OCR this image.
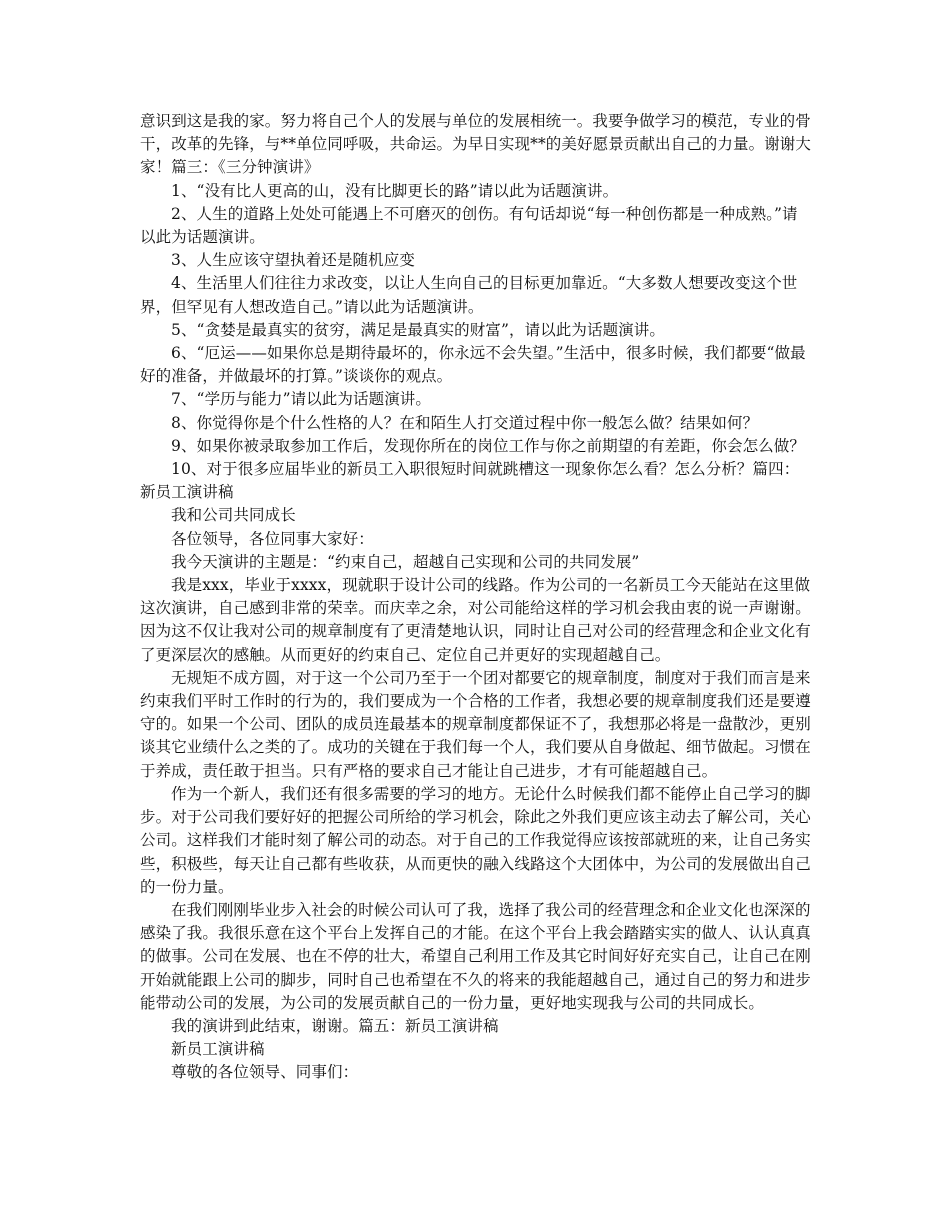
意识到这是我的家。努力将自己个人的发展与单位的发展相统一。我要争做学习的模范，专业的骨干，改革的先锋，与**单位同呼吸，共命运。为早日实现**的美好愿景贡献出自己的力量。谢谢大家！篇三：《三分钟演讲》

1、“没有比人更高的山，没有比脚更长的路”请以此为话题演讲。

2、人生的道路上处处可能遇上不可磨灭的创伤。有句话却说“每一种创伤都是一种成熟。”请以此为话题演讲。

3、人生应该守望执着还是随机应变

4、生活里人们往往力求改变，以让人生向自己的目标更加靠近。“大多数人想要改变这个世界，但罕见有人想改造自己。”请以此为话题演讲。

5、“贪婪是最真实的贫穷，满足是最真实的财富”，请以此为话题演讲。

6、“厄运——如果你总是期待最坏的，你永远不会失望。”生活中，很多时候，我们都要“做最好的准备，并做最坏的打算。”谈谈你的观点。

7、“学历与能力”请以此为话题演讲。

8、你觉得你是个什么性格的人？在和陌生人打交道过程中你一般怎么做？结果如何？

9、如果你被录取参加工作后，发现你所在的岗位工作与你之前期望的有差距，你会怎么做？

10、对于很多应届毕业的新员工入职很短时间就跳槽这一现象你怎么看？怎么分析？篇四：新员工演讲稿

我和公司共同成长

各位领导，各位同事大家好：

我今天演讲的主题是：“约束自己，超越自己实现和公司的共同发展”

我是xxx，毕业于xxxx，现就职于设计公司的线路。作为公司的一名新员工今天能站在这里做这次演讲，自己感到非常的荣幸。而庆幸之余，对公司能给这样的学习机会我由衷的说一声谢谢。因为这不仅让我对公司的规章制度有了更清楚地认识，同时让自己对公司的经营理念和企业文化有了更深层次的感触。从而更好的约束自己、定位自己并更好的实现超越自己。

无规矩不成方圆，对于这一个公司乃至于一个团对都要它的规章制度，制度对于我们而言是来约束我们平时工作时的行为的，我们要成为一个合格的工作者，我想必要的规章制度我们还是要遵守的。如果一个公司、团队的成员连最基本的规章制度都保证不了，我想那必将是一盘散沙，更别谈其它业绩什么之类的了。成功的关键在于我们每一个人，我们要从自身做起、细节做起。习惯在于养成，责任敢于担当。只有严格的要求自己才能让自己进步，才有可能超越自己。

作为一个新人，我们还有很多需要的学习的地方。无论什么时候我们都不能停止自己学习的脚步。对于公司我们要好好的把握公司所给的学习机会，除此之外我们更应该主动去了解公司，关心公司。这样我们才能时刻了解公司的动态。对于自己的工作我觉得应该按部就班的来，让自己务实些，积极些，每天让自己都有些收获，从而更快的融入线路这个大团体中，为公司的发展做出自己的一份力量。

在我们刚刚毕业步入社会的时候公司认可了我，选择了我公司的经营理念和企业文化也深深的感染了我。我很乐意在这个平台上发挥自己的才能。在这个平台上我会踏踏实实的做人、认认真真的做事。公司在发展、也在不停的壮大，希望自己利用工作及其它时间好好充实自己，让自己在刚开始就能跟上公司的脚步，同时自己也希望在不久的将来的我能超越自己，通过自己的努力和进步能带动公司的发展，为公司的发展贡献自己的一份力量，更好地实现我与公司的共同成长。

我的演讲到此结束，谢谢。篇五：新员工演讲稿

新员工演讲稿

尊敬的各位领导、同事们：
